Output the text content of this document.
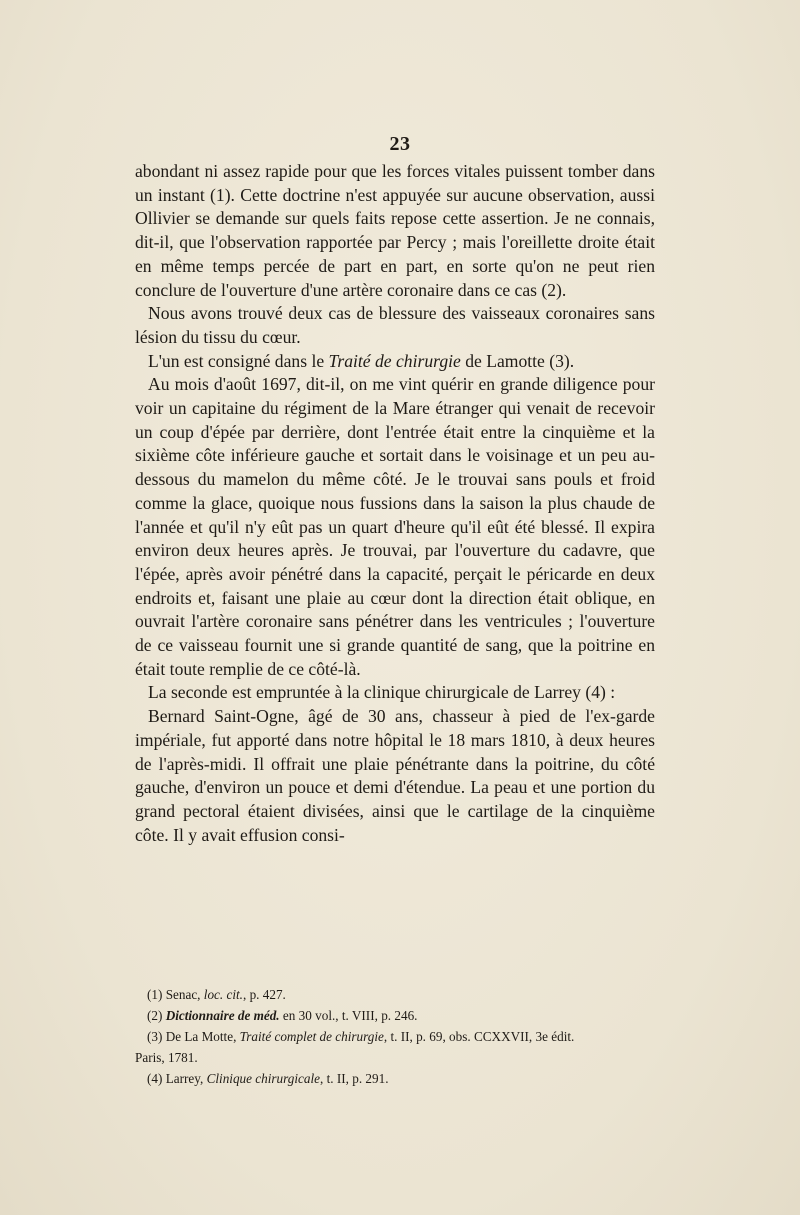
23

abondant ni assez rapide pour que les forces vitales puissent tomber dans un instant (1). Cette doctrine n'est appuyée sur aucune observation, aussi Ollivier se demande sur quels faits repose cette assertion. Je ne connais, dit-il, que l'observation rapportée par Percy ; mais l'oreillette droite était en même temps percée de part en part, en sorte qu'on ne peut rien conclure de l'ouverture d'une artère coronaire dans ce cas (2).

Nous avons trouvé deux cas de blessure des vaisseaux coronaires sans lésion du tissu du cœur.

L'un est consigné dans le Traité de chirurgie de Lamotte (3).

Au mois d'août 1697, dit-il, on me vint quérir en grande diligence pour voir un capitaine du régiment de la Mare étranger qui venait de recevoir un coup d'épée par derrière, dont l'entrée était entre la cinquième et la sixième côte inférieure gauche et sortait dans le voisinage et un peu au-dessous du mamelon du même côté. Je le trouvai sans pouls et froid comme la glace, quoique nous fussions dans la saison la plus chaude de l'année et qu'il n'y eût pas un quart d'heure qu'il eût été blessé. Il expira environ deux heures après. Je trouvai, par l'ouverture du cadavre, que l'épée, après avoir pénétré dans la capacité, perçait le péricarde en deux endroits et, faisant une plaie au cœur dont la direction était oblique, en ouvrait l'artère coronaire sans pénétrer dans les ventricules ; l'ouverture de ce vaisseau fournit une si grande quantité de sang, que la poitrine en était toute remplie de ce côté-là.

La seconde est empruntée à la clinique chirurgicale de Larrey (4) :

Bernard Saint-Ogne, âgé de 30 ans, chasseur à pied de l'ex-garde impériale, fut apporté dans notre hôpital le 18 mars 1810, à deux heures de l'après-midi. Il offrait une plaie pénétrante dans la poitrine, du côté gauche, d'environ un pouce et demi d'étendue. La peau et une portion du grand pectoral étaient divisées, ainsi que le cartilage de la cinquième côte. Il y avait effusion consi-

(1) Senac, loc. cit., p. 427.

(2) Dictionnaire de méd. en 30 vol., t. VIII, p. 246.

(3) De La Motte, Traité complet de chirurgie, t. II, p. 69, obs. CCXXVII, 3e édit.

Paris, 1781.

(4) Larrey, Clinique chirurgicale, t. II, p. 291.
